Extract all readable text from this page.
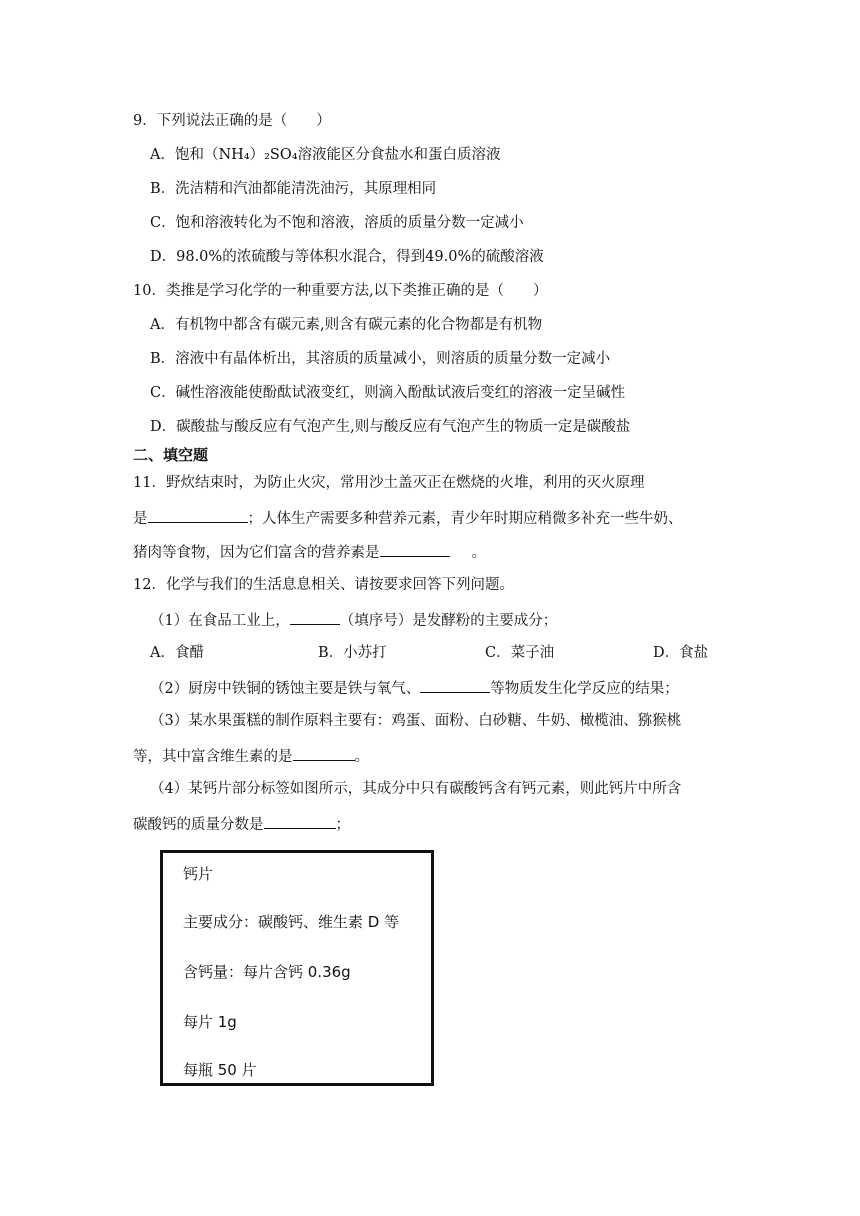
9．下列说法正确的是（　　）
A．饱和（NH₄）₂SO₄溶液能区分食盐水和蛋白质溶液
B．洗洁精和汽油都能清洗油污，其原理相同
C．饱和溶液转化为不饱和溶液，溶质的质量分数一定减小
D．98.0%的浓硫酸与等体积水混合，得到49.0%的硫酸溶液
10．类推是学习化学的一种重要方法,以下类推正确的是（　　）
A．有机物中都含有碳元素,则含有碳元素的化合物都是有机物
B．溶液中有晶体析出，其溶质的质量减小，则溶质的质量分数一定减小
C．碱性溶液能使酚酞试液变红，则滴入酚酞试液后变红的溶液一定呈碱性
D．碳酸盐与酸反应有气泡产生,则与酸反应有气泡产生的物质一定是碳酸盐
二、填空题
11．野炊结束时，为防止火灾，常用沙土盖灭正在燃烧的火堆，利用的灭火原理
是	；人体生产需要多种营养元素，青少年时期应稍微多补充一些牛奶、
猪肉等食物，因为它们富含的营养素是	。
12．化学与我们的生活息息相关、请按要求回答下列问题。
（1）在食品工业上，	（填序号）是发酵粉的主要成分；
A．食醋	B．小苏打	C．菜子油	D．食盐
（2）厨房中铁铜的锈蚀主要是铁与氧气、	等物质发生化学反应的结果；
（3）某水果蛋糕的制作原料主要有：鸡蛋、面粉、白砂糖、牛奶、橄榄油、猕猴桃
等，其中富含维生素的是	。
（4）某钙片部分标签如图所示，其成分中只有碳酸钙含有钙元素，则此钙片中所含
碳酸钙的质量分数是	；
钙片
主要成分：碳酸钙、维生素 D 等
含钙量：每片含钙 0.36g
每片 1g
每瓶 50 片
